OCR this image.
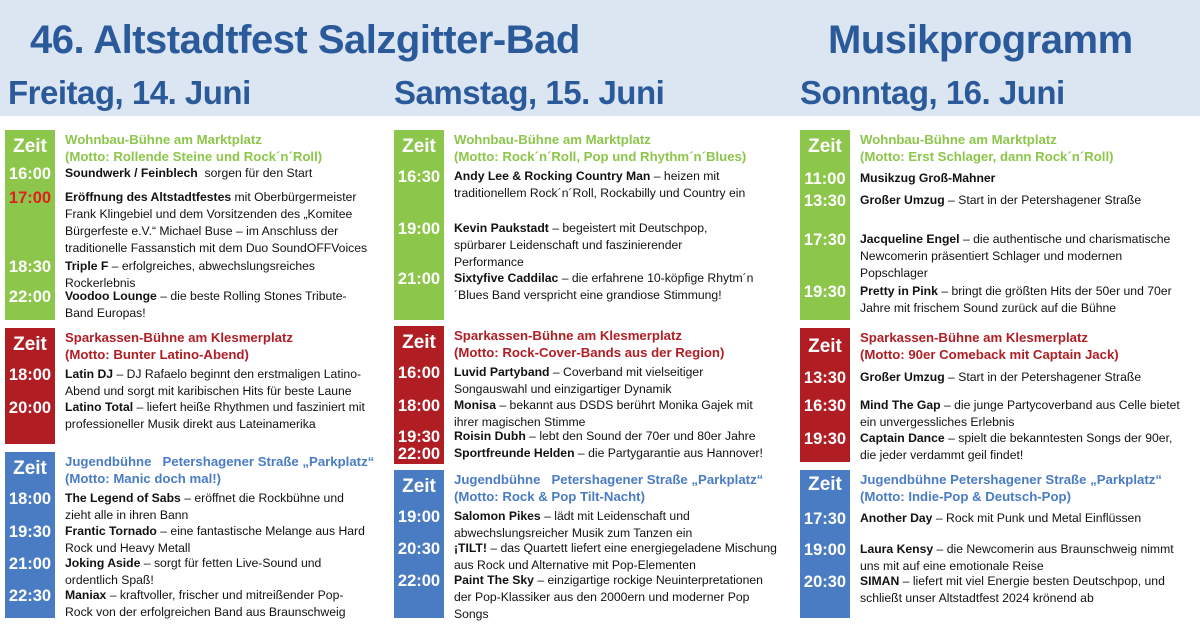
46. Altstadtfest Salzgitter-Bad	Musikprogramm
Freitag, 14. Juni	Samstag, 15. Juni	Sonntag, 16. Juni
Zeit	Wohnbau-Bühne am Marktplatz
(Motto: Rollende Steine und Rock´n´Roll)
16:00	Soundwerk / Feinblech sorgen für den Start
17:00	Eröffnung des Altstadtfestes mit Oberbürgermeister Frank Klingebiel und dem Vorsitzenden des „Komitee Bürgerfeste e.V.“ Michael Buse – im Anschluss der traditionelle Fassanstich mit dem Duo SoundOFFVoices
18:30	Triple F – erfolgreiches, abwechslungsreiches Rockerlebnis
22:00	Voodoo Lounge – die beste Rolling Stones Tribute-Band Europas!
Zeit	Sparkassen-Bühne am Klesmerplatz
(Motto: Bunter Latino-Abend)
18:00	Latin DJ – DJ Rafaelo beginnt den erstmaligen Latino-Abend und sorgt mit karibischen Hits für beste Laune
20:00	Latino Total – liefert heiße Rhythmen und fasziniert mit professioneller Musik direkt aus Lateinamerika
Zeit	Jugendbühne   Petershagener Straße „Parkplatz“
(Motto: Manic doch mal!)
18:00	The Legend of Sabs – eröffnet die Rockbühne und zieht alle in ihren Bann
19:30	Frantic Tornado – eine fantastische Melange aus Hard Rock und Heavy Metall
21:00	Joking Aside – sorgt für fetten Live-Sound und ordentlich Spaß!
22:30	Maniax – kraftvoller, frischer und mitreißender Pop-Rock von der erfolgreichen Band aus Braunschweig
Zeit	Wohnbau-Bühne am Marktplatz
(Motto: Rock´n´Roll, Pop und Rhythm´n´Blues)
16:30	Andy Lee & Rocking Country Man – heizen mit traditionellem Rock´n´Roll, Rockabilly und Country ein
19:00	Kevin Paukstadt – begeistert mit Deutschpop, spürbarer Leidenschaft und faszinierender Performance
21:00	Sixtyfive Caddilac – die erfahrene 10-köpfige Rhytm´n´Blues Band verspricht eine grandiose Stimmung!
Zeit	Sparkassen-Bühne am Klesmerplatz
(Motto: Rock-Cover-Bands aus der Region)
16:00	Luvid Partyband – Coverband mit vielseitiger Songauswahl und einzigartiger Dynamik
18:00	Monisa – bekannt aus DSDS berührt Monika Gajek mit ihrer magischen Stimme
19:30	Roisin Dubh – lebt den Sound der 70er und 80er Jahre
22:00	Sportfreunde Helden – die Partygarantie aus Hannover!
Zeit	Jugendbühne   Petershagener Straße „Parkplatz“
(Motto: Rock & Pop Tilt-Nacht)
19:00	Salomon Pikes – lädt mit Leidenschaft und abwechslungsreicher Musik zum Tanzen ein
20:30	¡TILT! – das Quartett liefert eine energiegeladene Mischung aus Rock und Alternative mit Pop-Elementen
22:00	Paint The Sky – einzigartige rockige Neuinterpretationen der Pop-Klassiker aus den 2000ern und moderner Pop Songs
Zeit	Wohnbau-Bühne am Marktplatz
(Motto: Erst Schlager, dann Rock´n´Roll)
11:00	Musikzug Groß-Mahner
13:30	Großer Umzug – Start in der Petershagener Straße
17:30	Jacqueline Engel – die authentische und charismatische Newcomerin präsentiert Schlager und modernen Popschlager
19:30	Pretty in Pink – bringt die größten Hits der 50er und 70er Jahre mit frischem Sound zurück auf die Bühne
Zeit	Sparkassen-Bühne am Klesmerplatz
(Motto: 90er Comeback mit Captain Jack)
13:30	Großer Umzug – Start in der Petershagener Straße
16:30	Mind The Gap – die junge Partycoverband aus Celle bietet ein unvergessliches Erlebnis
19:30	Captain Dance – spielt die bekanntesten Songs der 90er, die jeder verdammt geil findet!
Zeit	Jugendbühne Petershagener Straße „Parkplatz“
(Motto: Indie-Pop & Deutsch-Pop)
17:30	Another Day – Rock mit Punk und Metal Einflüssen
19:00	Laura Kensy – die Newcomerin aus Braunschweig nimmt uns mit auf eine emotionale Reise
20:30	SIMAN – liefert mit viel Energie besten Deutschpop, und schließt unser Altstadtfest 2024 krönend ab
